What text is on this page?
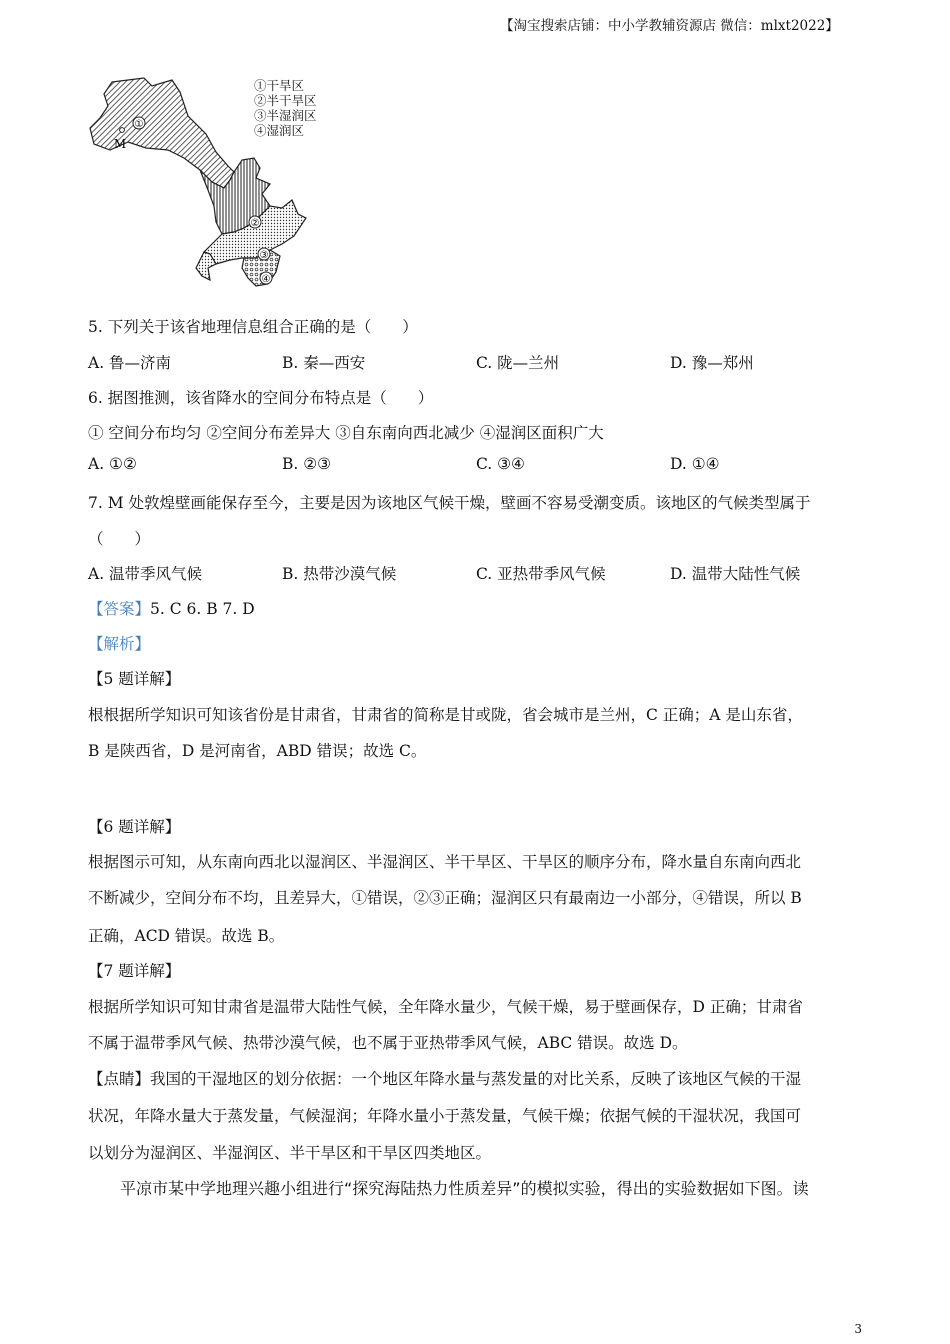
【淘宝搜索店铺：中小学教辅资源店 微信：mlxt2022】
①
②
③
④
M
①干旱区
②半干旱区
③半湿润区
④湿润区
5. 下列关于该省地理信息组合正确的是（　　）
A. 鲁—济南	B. 秦—西安	C. 陇—兰州	D. 豫—郑州
6. 据图推测，该省降水的空间分布特点是（　　）
① 空间分布均匀 ②空间分布差异大 ③自东南向西北减少 ④湿润区面积广大
A. ①②	B. ②③	C. ③④	D. ①④
7. M 处敦煌壁画能保存至今，主要是因为该地区气候干燥，壁画不容易受潮变质。该地区的气候类型属于
（　　）
A. 温带季风气候	B. 热带沙漠气候	C. 亚热带季风气候	D. 温带大陆性气候
【答案】5. C 6. B 7. D
【解析】
【5 题详解】
根根据所学知识可知该省份是甘肃省，甘肃省的简称是甘或陇，省会城市是兰州，C 正确；A 是山东省，
B 是陕西省，D 是河南省，ABD 错误；故选 C。
【6 题详解】
根据图示可知，从东南向西北以湿润区、半湿润区、半干旱区、干旱区的顺序分布，降水量自东南向西北
不断减少，空间分布不均，且差异大，①错误，②③正确；湿润区只有最南边一小部分，④错误，所以 B
正确，ACD 错误。故选 B。
【7 题详解】
根据所学知识可知甘肃省是温带大陆性气候，全年降水量少，气候干燥，易于壁画保存，D 正确；甘肃省
不属于温带季风气候、热带沙漠气候，也不属于亚热带季风气候，ABC 错误。故选 D。
【点睛】我国的干湿地区的划分依据：一个地区年降水量与蒸发量的对比关系，反映了该地区气候的干湿
状况，年降水量大于蒸发量，气候湿润；年降水量小于蒸发量，气候干燥；依据气候的干湿状况，我国可
以划分为湿润区、半湿润区、半干旱区和干旱区四类地区。
平凉市某中学地理兴趣小组进行“探究海陆热力性质差异”的模拟实验，得出的实验数据如下图。读
3
